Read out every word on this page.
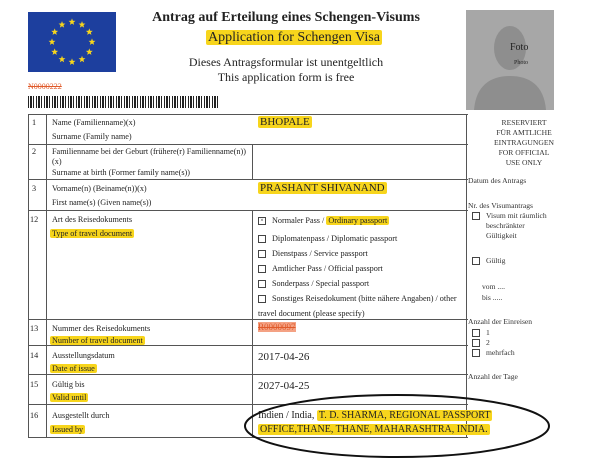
Antrag auf Erteilung eines Schengen-Visums
Application for Schengen Visa
Dieses Antragsformular ist unentgeltlich
This application form is free
N0000222
Foto
Photo
1 Name (Familienname)(x)
Surname (Family name)
BHOPALE
2 Familienname bei der Geburt (frühere(r) Familienname(n))
(x)
Surname at birth (Former family name(s))
3 Vorname(n) (Beiname(n))(x)
First name(s) (Given name(s))
PRASHANT SHIVANAND
12 Art des Reisedokuments
Type of travel document
× Normaler Pass / Ordinary passport
Diplomatenpass / Diplomatic passport
Dienstpass / Service passport
Amtlicher Pass / Official passport
Sonderpass / Special passport
Sonstiges Reisedokument (bitte nähere Angaben) / other
travel document (please specify)
13 Nummer des Reisedokuments
Number of travel document
R0000097
14 Ausstellungsdatum
Date of issue
2017-04-26
15 Gültig bis
Valid until
2027-04-25
16 Ausgestellt durch
Issued by
Indien / India, T. D. SHARMA, REGIONAL PASSPORT
OFFICE,THANE, THANE, MAHARASHTRA, INDIA.
RESERVIERT
FÜR AMTLICHE
EINTRAGUNGEN
FOR OFFICIAL
USE ONLY
Datum des Antrags
Nr. des Visumantrags
Visum mit räumlich
beschränkter
Gültigkeit
Gültig
vom ....
bis .....
Anzahl der Einreisen
1
2
mehrfach
Anzahl der Tage
